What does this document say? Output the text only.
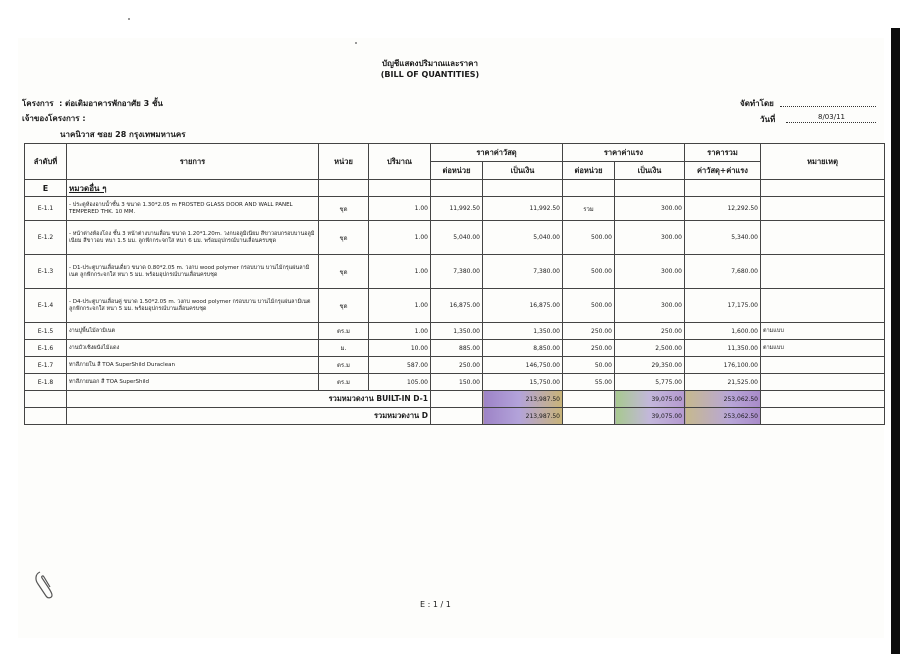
บัญชีแสดงปริมาณและราคา
(BILL OF QUANTITIES)
โครงการ : ต่อเติมอาคารพักอาศัย 3 ชั้น
เจ้าของโครงการ :
นาคนิวาส ซอย 28 กรุงเทพมหานคร
จัดทำโดย
วันที่	8/03/11
ลำดับที่	รายการ	หน่วย	ปริมาณ	ราคาค่าวัสดุ		ราคาค่าแรง		ราคารวม	หมายเหตุ
				ต่อหน่วย	เป็นเงิน	ต่อหน่วย	เป็นเงิน	ค่าวัสดุ+ค่าแรง	
E	หมวดอื่น ๆ								
E-1.1	- ประตูห้องอาบน้ำชั้น 3 ขนาด 1.30*2.05 m FROSTED GLASS DOOR AND WALL PANEL TEMPERED THK. 10 MM.	ชุด	1.00	11,992.50	11,992.50	รวม	300.00	12,292.50	
E-1.2	- หน้าต่างห้องโถง ชั้น 3 หน้าต่างบานเลื่อน ขนาด 1.20*1.20m. วงกบอลูมิเนียม สีขาวอบกรอบบานอลูมิเนียม สีขาวอบ หนา 1.5 มม. ลูกฟักกระจกใส หนา 6 มม. พร้อมอุปกรณ์บานเลื่อนครบชุด	ชุด	1.00	5,040.00	5,040.00	500.00	300.00	5,340.00	
E-1.3	- D1-ประตูบานเลื่อนเดี่ยว ขนาด 0.80*2.05 m. วงกบ wood polymer กรอบบาน บานไม้กรุแผ่นลามิเนต ลูกฟักกระจกใส หนา 5 มม. พร้อมอุปกรณ์บานเลื่อนครบชุด	ชุด	1.00	7,380.00	7,380.00	500.00	300.00	7,680.00	
E-1.4	- D4-ประตูบานเลื่อนคู่ ขนาด 1.50*2.05 m. วงกบ wood polymer กรอบบาน บานไม้กรุแผ่นลามิเนต ลูกฟักกระจกใส หนา 5 มม. พร้อมอุปกรณ์บานเลื่อนครบชุด	ชุด	1.00	16,875.00	16,875.00	500.00	300.00	17,175.00	
E-1.5	งานปูพื้นไม้ลามิเนต	ตร.ม	1.00	1,350.00	1,350.00	250.00	250.00	1,600.00	ตามแบบ
E-1.6	งานบัวเชิงผนังไม้แดง	ม.	10.00	885.00	8,850.00	250.00	2,500.00	11,350.00	ตามแบบ
E-1.7	ทาสีภายใน สี TOA SuperShild Duraclean	ตร.ม	587.00	250.00	146,750.00	50.00	29,350.00	176,100.00	
E-1.8	ทาสีภายนอก สี TOA SuperShild	ตร.ม	105.00	150.00	15,750.00	55.00	5,775.00	21,525.00	
	รวมหมวดงาน BUILT-IN D-1				213,987.50		39,075.00	253,062.50	
	รวมหมวดงาน D				213,987.50		39,075.00	253,062.50	
E : 1 / 1
